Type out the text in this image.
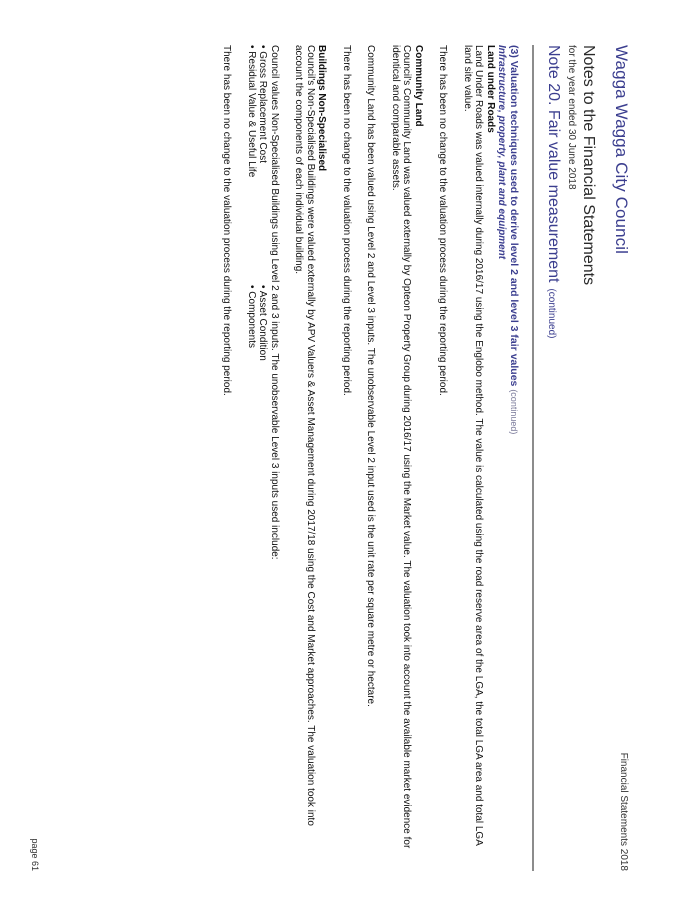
Wagga Wagga City Council
Financial Statements 2018
Notes to the Financial Statements
for the year ended 30 June 2018
Note 20. Fair value measurement(continued)

(3) Valuation techniques used to derive level 2 and level 3 fair values (continued)

Infrastructure, property, plant and equipment

Land under Roads

Land Under Roads was valued internally during 2016/17 using the Englobo method. The value is calculated using the road reserve area of the LGA, the total LGA area and total LGA land site value.

There has been no change to the valuation process during the reporting period.

Community Land

Council's Community Land was valued externally by Opteon Property Group during 2016/17 using the Market value. The valuation took into account the available market evidence for identical and comparable assets.

Community Land has been valued using Level 2 and Level 3 inputs. The unobservable Level 2 input used is the unit rate per square metre or hectare.

There has been no change to the valuation process during the reporting period.

Buildings Non-Specialised

Council's Non-Specialised Buildings were valued externally by APV Valuers & Asset Management during 2017/18 using the Cost and Market approaches. The valuation took into account the components of each individual building.

Council values Non-Specialised Buildings using Level 2 and 3 inputs. The unobservable Level 3 inputs used include:

• Gross Replacement Cost
• Residual Value & Useful Life
• Asset Condition
• Components

There has been no change to the valuation process during the reporting period.

page 61
